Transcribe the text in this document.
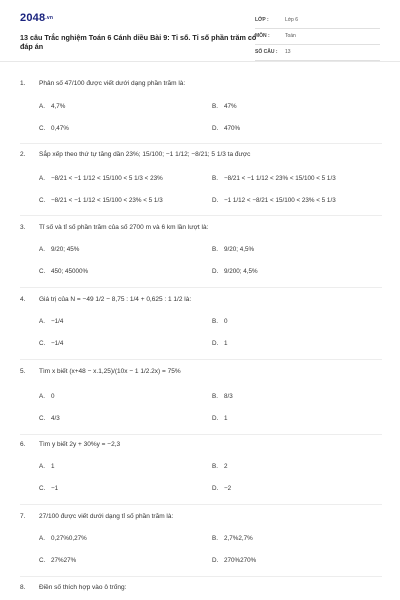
2048.vn
13 câu Trắc nghiệm Toán 6 Cánh diều Bài 9: Tỉ số. Tỉ số phần trăm có đáp án
LỚP :	Lớp 6
MÔN :	Toán
SỐ CÂU : 13
1.	Phân số 47/100 được viết dưới dạng phần trăm là:
A. 4,7%	B. 47%
C. 0,47%	D. 470%
2.	Sắp xếp theo thứ tự tăng dần 23%; 15/100; −1 1/12; −8/21; 5 1/3 ta được
A. −8/21 < −1 1/12 < 15/100 < 5 1/3 < 23%	B. −8/21 < −1 1/12 < 23% < 15/100 < 5 1/3
C. −8/21 < −1 1/12 < 15/100 < 23% < 5 1/3	D. −1 1/12 < −8/21 < 15/100 < 23% < 5 1/3
3.	Tỉ số và tỉ số phần trăm của số 2700 m và 6 km lần lượt là:
A. 9/20; 45%	B. 9/20; 4,5%
C. 450; 45000%	D. 9/200; 4,5%
4.	Giá trị của N = −49 1/2 − 8,75 : 1/4 + 0,625 : 1 1/2 là:
A. −1/4	B. 0
C. −1/4	D. 1
5.	Tìm x biết (x+48 − x.1,25)/(10x − 1 1/2.2x) = 75%
A. 0	B. 8/3
C. 4/3	D. 1
6.	Tìm y biết 2y + 30%y = −2,3
A. 1	B. 2
C. −1	D. −2
7.	27/100 được viết dưới dạng tỉ số phần trăm là:
A. 0,27%0,27%	B. 2,7%2,7%
C. 27%27%	D. 270%270%
8.	Điền số thích hợp vào ô trống:
